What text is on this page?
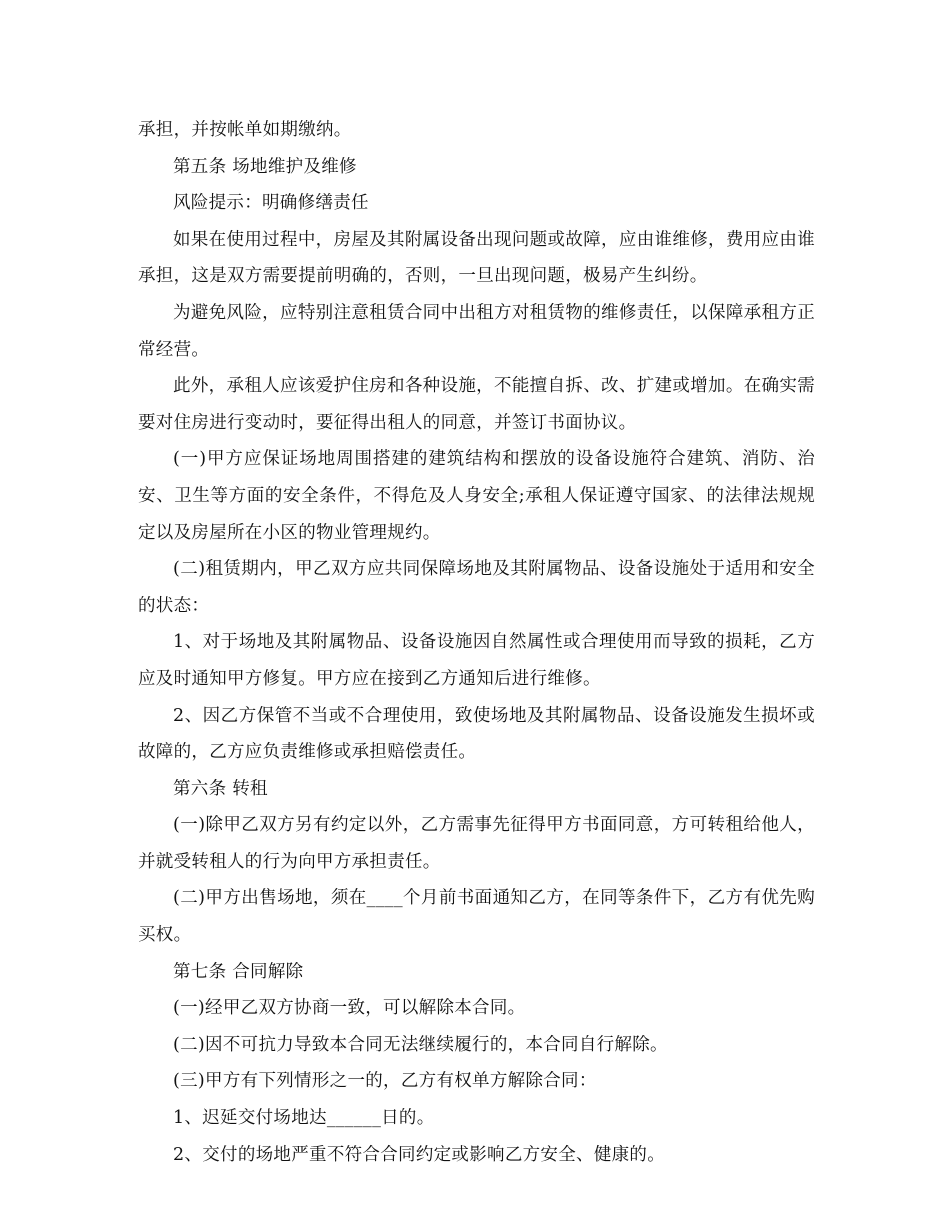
承担，并按帐单如期缴纳。

第五条 场地维护及维修

风险提示：明确修缮责任

如果在使用过程中，房屋及其附属设备出现问题或故障，应由谁维修，费用应由谁承担，这是双方需要提前明确的，否则，一旦出现问题，极易产生纠纷。

为避免风险，应特别注意租赁合同中出租方对租赁物的维修责任，以保障承租方正常经营。

此外，承租人应该爱护住房和各种设施，不能擅自拆、改、扩建或增加。在确实需要对住房进行变动时，要征得出租人的同意，并签订书面协议。

(一)甲方应保证场地周围搭建的建筑结构和摆放的设备设施符合建筑、消防、治安、卫生等方面的安全条件，不得危及人身安全;承租人保证遵守国家、的法律法规规定以及房屋所在小区的物业管理规约。

(二)租赁期内，甲乙双方应共同保障场地及其附属物品、设备设施处于适用和安全的状态：

1、对于场地及其附属物品、设备设施因自然属性或合理使用而导致的损耗，乙方应及时通知甲方修复。甲方应在接到乙方通知后进行维修。

2、因乙方保管不当或不合理使用，致使场地及其附属物品、设备设施发生损坏或故障的，乙方应负责维修或承担赔偿责任。

第六条 转租

(一)除甲乙双方另有约定以外，乙方需事先征得甲方书面同意，方可转租给他人，并就受转租人的行为向甲方承担责任。

(二)甲方出售场地，须在____个月前书面通知乙方，在同等条件下，乙方有优先购买权。

第七条 合同解除

(一)经甲乙双方协商一致，可以解除本合同。

(二)因不可抗力导致本合同无法继续履行的，本合同自行解除。

(三)甲方有下列情形之一的，乙方有权单方解除合同：

1、迟延交付场地达______日的。

2、交付的场地严重不符合合同约定或影响乙方安全、健康的。
